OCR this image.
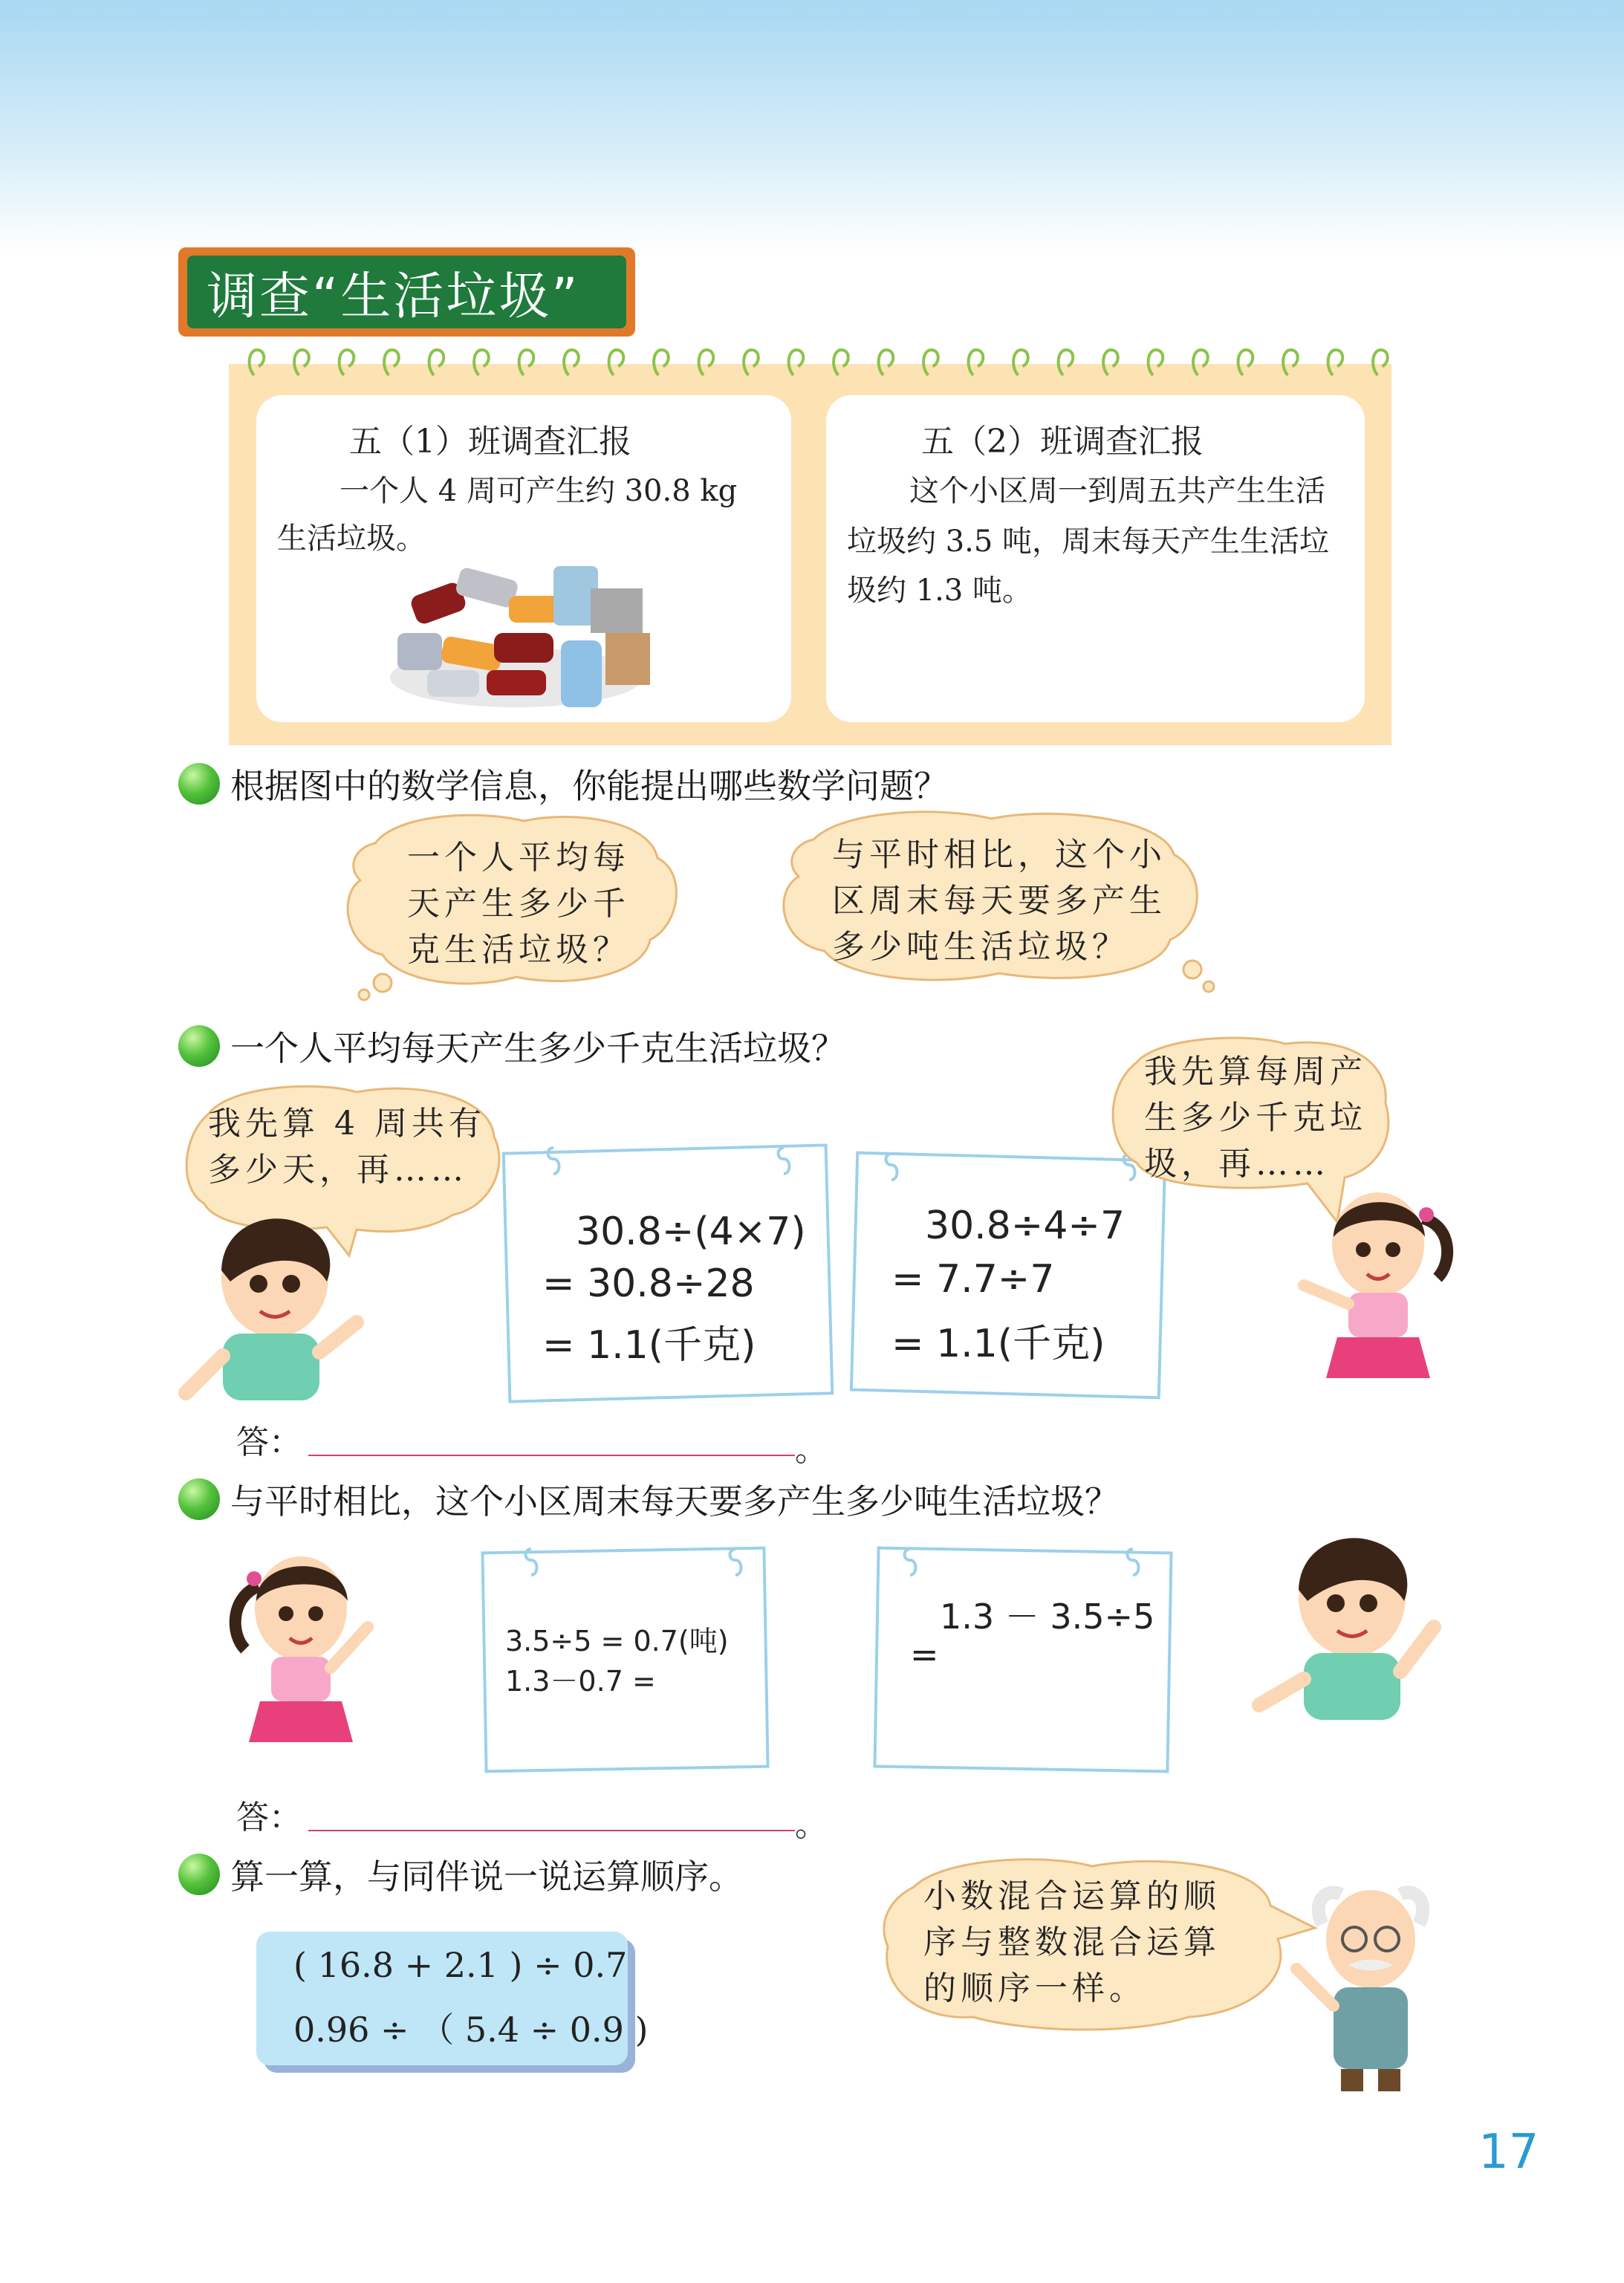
调查“生活垃圾”
五（1）班调查汇报
一个人 4 周可产生约 30.8 kg
生活垃圾。
五（2）班调查汇报
这个小区周一到周五共产生生活
垃圾约 3.5 吨，周末每天产生生活垃
圾约 1.3 吨。
根据图中的数学信息，你能提出哪些数学问题？
一个人平均每
天产生多少千
克生活垃圾？
与平时相比，这个小
区周末每天要多产生
多少吨生活垃圾？
一个人平均每天产生多少千克生活垃圾？
我先算 4 周共有
多少天，再……
30.8÷(4×7)
= 30.8÷28
= 1.1(千克)
30.8÷4÷7
= 7.7÷7
= 1.1(千克)
我先算每周产
生多少千克垃
圾，再……
答：	。
与平时相比，这个小区周末每天要多产生多少吨生活垃圾？
3.5÷5 = 0.7(吨)
1.3－0.7 =
1.3 － 3.5÷5
=
答：	。
算一算，与同伴说一说运算顺序。
( 16.8 + 2.1 ) ÷ 0.7
0.96 ÷ （ 5.4 ÷ 0.9 )
小数混合运算的顺
序与整数混合运算
的顺序一样。
17
